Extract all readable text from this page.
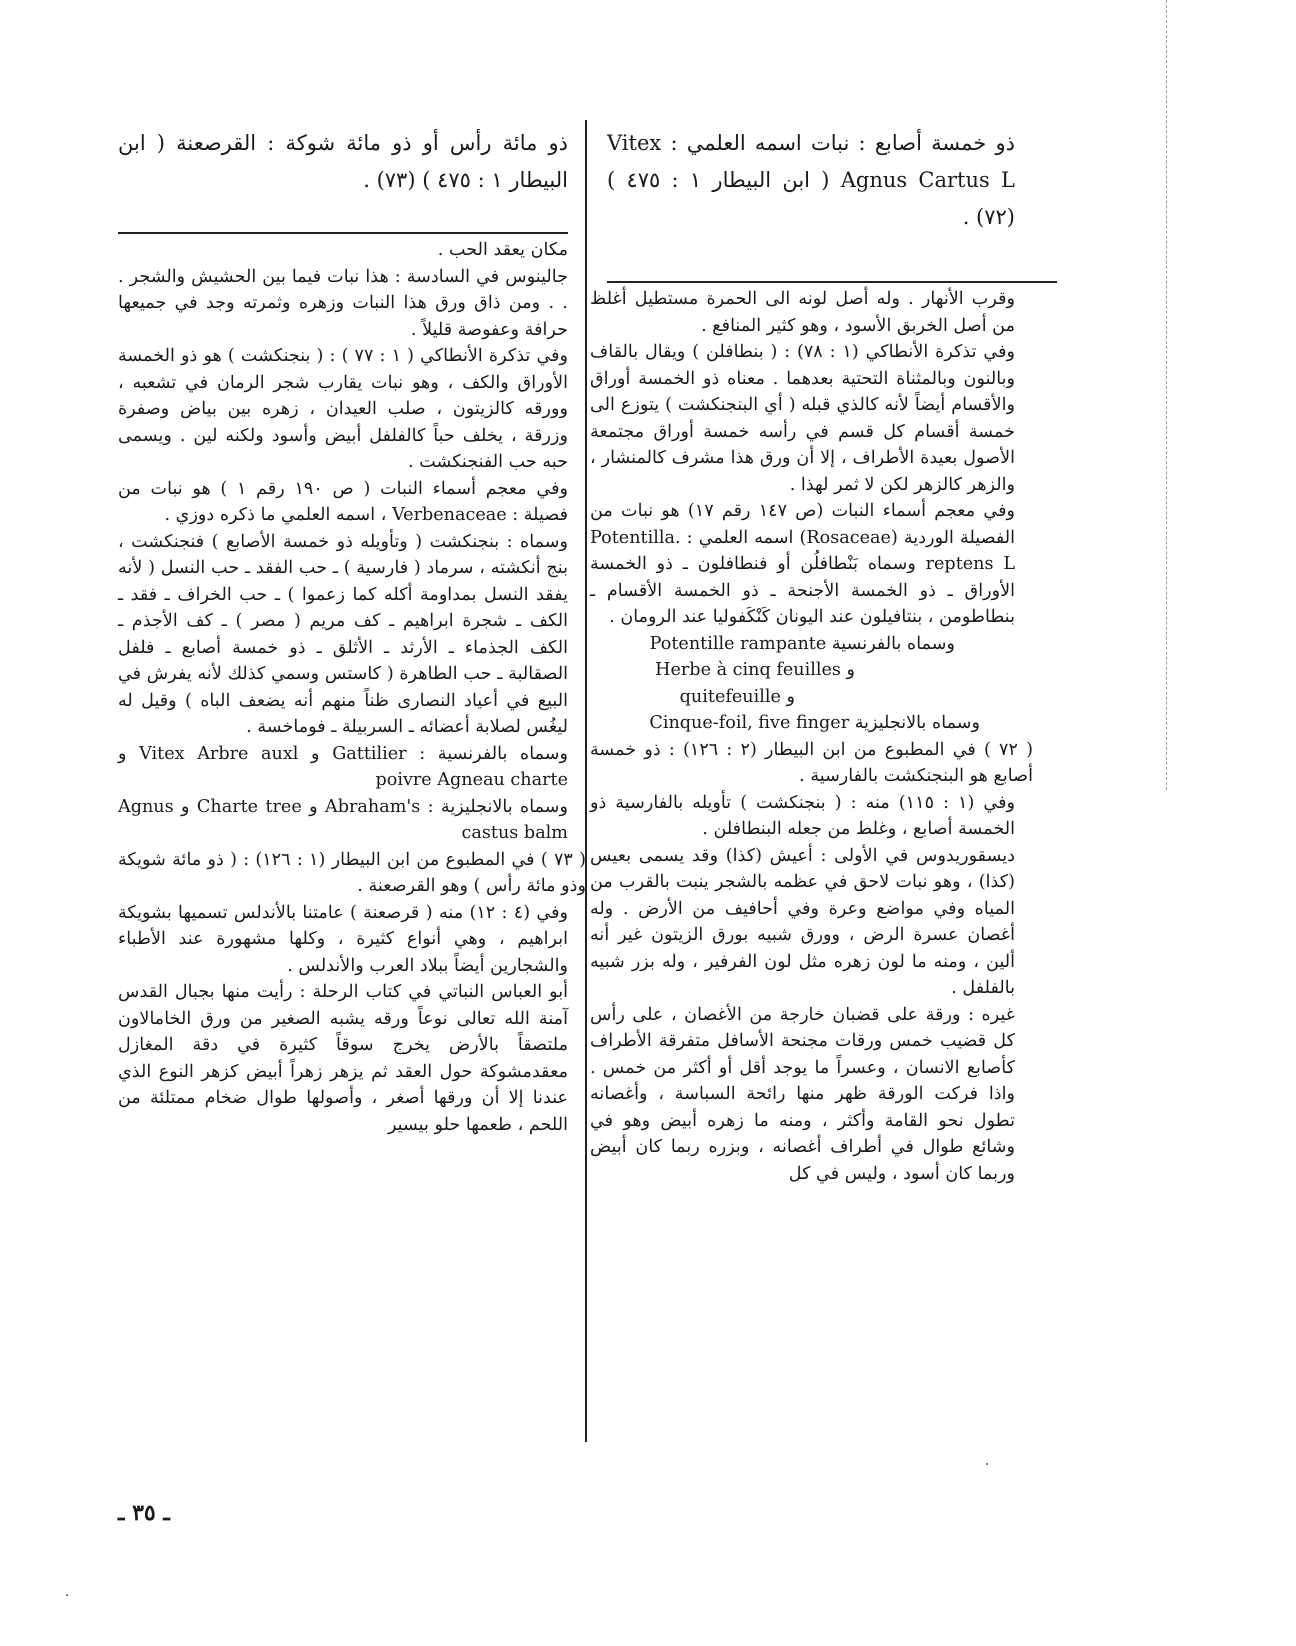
ذو خمسة أصابع : نبات اسمه العلمي : Vitex Agnus Cartus L ( ابن البيطار ١ : ٤٧٥ ) (٧٢) .

وقرب الأنهار . وله أصل لونه الى الحمرة مستطيل أغلظ من أصل الخربق الأسود ، وهو كثير المنافع .

وفي تذكرة الأنطاكي (١ : ٧٨) : ( بنطافلن ) ويقال بالقاف وبالنون وبالمثناة التحتية بعدهما . معناه ذو الخمسة أوراق والأقسام أيضاً لأنه كالذي قبله ( أي البنجنكشت ) يتوزع الى خمسة أقسام كل قسم في رأسه خمسة أوراق مجتمعة الأصول بعيدة الأطراف ، إلا أن ورق هذا مشرف كالمنشار ، والزهر كالزهر لكن لا ثمر لهذا .

وفي معجم أسماء النبات (ص ١٤٧ رقم ١٧) هو نبات من الفصيلة الوردية (Rosaceae) اسمه العلمي : .Potentilla reptens L وسماه بَنْطافلُن أو فنطافلون ـ ذو الخمسة الأوراق ـ ذو الخمسة الأجنحة ـ ذو الخمسة الأقسام ـ بنطاطومن ، بنتافيلون عند اليونان كَنْكَفوليا عند الرومان .

وسماه بالفرنسية Potentille rampante

و Herbe à cinq feuilles

و quitefeuille

وسماه بالانجليزية Cinque-foil, five finger

( ٧٢ ) في المطبوع من ابن البيطار (٢ : ١٢٦) : ذو خمسة أصابع هو البنجنكشت بالفارسية .

وفي (١ : ١١٥) منه : ( بنجنكشت ) تأويله بالفارسية ذو الخمسة أصابع ، وغلط من جعله البنطافلن .

ديسقوريدوس في الأولى : أعيش (كذا) وقد يسمى بعيس (كذا) ، وهو نبات لاحق في عظمه بالشجر ينبت بالقرب من المياه وفي مواضع وعرة وفي أحافيف من الأرض . وله أغصان عسرة الرض ، وورق شبيه بورق الزيتون غير أنه ألين ، ومنه ما لون زهره مثل لون الفرفير ، وله بزر شبيه بالفلفل .

غيره : ورقة على قضبان خارجة من الأغصان ، على رأس كل قضيب خمس ورقات مجنحة الأسافل متفرقة الأطراف كأصابع الانسان ، وعسراً ما يوجد أقل أو أكثر من خمس . واذا فركت الورقة ظهر منها رائحة السباسة ، وأغصانه تطول نحو القامة وأكثر ، ومنه ما زهره أبيض وهو في وشائع طوال في أطراف أغصانه ، وبزره ربما كان أبيض وربما كان أسود ، وليس في كل

ذو مائة رأس أو ذو مائة شوكة : القرصعنة ( ابن البيطار ١ : ٤٧٥ ) (٧٣) .

مكان يعقد الحب .

جالينوس في السادسة : هذا نبات فيما بين الحشيش والشجر . . . ومن ذاق ورق هذا النبات وزهره وثمرته وجد في جميعها حرافة وعفوصة قليلاً .

وفي تذكرة الأنطاكي ( ١ : ٧٧ ) : ( بنجنكشت ) هو ذو الخمسة الأوراق والكف ، وهو نبات يقارب شجر الرمان في تشعبه ، وورقه كالزيتون ، صلب العيدان ، زهره بين بياض وصفرة وزرقة ، يخلف حباً كالفلفل أبيض وأسود ولكنه لين . ويسمى حبه حب الفنجنكشت .

وفي معجم أسماء النبات ( ص ١٩٠ رقم ١ ) هو نبات من فصيلة : Verbenaceae ، اسمه العلمي ما ذكره دوزي .

وسماه : بنجنكشت ( وتأويله ذو خمسة الأصابع ) فنجنكشت ، بنج أنكشته ، سرماد ( فارسية ) ـ حب الفقد ـ حب النسل ( لأنه يفقد النسل بمداومة أكله كما زعموا ) ـ حب الخراف ـ فقد ـ الكف ـ شجرة ابراهيم ـ كف مريم ( مصر ) ـ كف الأجذم ـ الكف الجذماء ـ الأرثد ـ الأثلق ـ ذو خمسة أصابع ـ فلفل الصقالبة ـ حب الطاهرة ( كاستس وسمي كذلك لأنه يفرش في البيع في أعياد النصارى ظناً منهم أنه يضعف الباه ) وقيل له ليغُس لصلابة أعضائه ـ السربيلة ـ فوماخسة .

وسماه بالفرنسية : Gattilier و Vitex Arbre auxl و poivre Agneau charte

وسماه بالانجليزية : Abraham's و Charte tree و Agnus castus balm

( ٧٣ ) في المطبوع من ابن البيطار (١ : ١٢٦) : ( ذو مائة شويكة وذو مائة رأس ) وهو القرصعنة .

وفي (٤ : ١٢) منه ( قرصعنة ) عامتنا بالأندلس تسميها بشويكة ابراهيم ، وهي أنواع كثيرة ، وكلها مشهورة عند الأطباء والشجارين أيضاً ببلاد العرب والأندلس .

أبو العباس النباتي في كتاب الرحلة : رأيت منها بجبال القدس آمنة الله تعالى نوعاً ورقه يشبه الصغير من ورق الخامالاون ملتصقاً بالأرض يخرج سوقاً كثيرة في دقة المغازل معقدمشوكة حول العقد ثم يزهر زهراً أبيض كزهر النوع الذي عندنا إلا أن ورقها أصغر ، وأصولها طوال ضخام ممتلئة من اللحم ، طعمها حلو بيسير

ـ ٣٥ ـ
